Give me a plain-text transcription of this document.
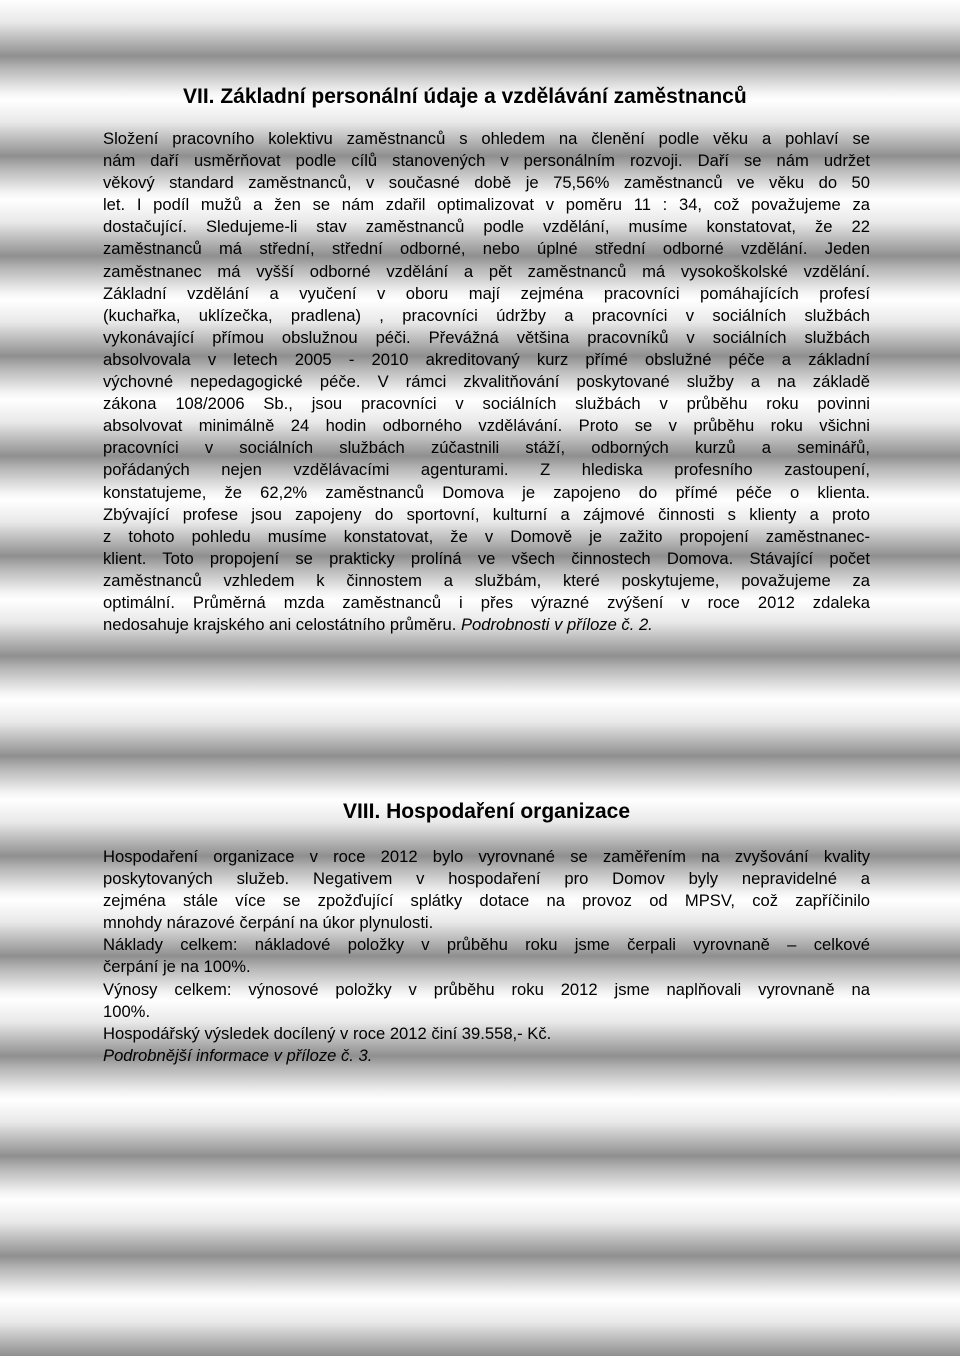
VII. Základní personální údaje a vzdělávání zaměstnanců
Složení pracovního kolektivu zaměstnanců s ohledem na členění podle věku a pohlaví se
nám daří usměrňovat podle cílů stanovených v personálním rozvoji. Daří se nám udržet
věkový standard zaměstnanců, v současné době je 75,56% zaměstnanců ve věku do 50
let. I podíl mužů a žen se nám zdařil optimalizovat v poměru 11 : 34, což považujeme za
dostačující. Sledujeme-li stav zaměstnanců podle vzdělání, musíme konstatovat, že 22
zaměstnanců má střední, střední odborné, nebo úplné střední odborné vzdělání. Jeden
zaměstnanec má vyšší odborné vzdělání a pět zaměstnanců má vysokoškolské vzdělání.
Základní vzdělání a vyučení v oboru mají zejména pracovníci pomáhajících profesí
(kuchařka, uklízečka, pradlena) , pracovníci údržby a pracovníci v sociálních službách
vykonávající přímou obslužnou péči. Převážná většina pracovníků v sociálních službách
absolvovala v letech 2005 - 2010 akreditovaný kurz přímé obslužné péče a základní
výchovné nepedagogické péče. V rámci zkvalitňování poskytované služby a na základě
zákona 108/2006 Sb., jsou pracovníci v sociálních službách v průběhu roku povinni
absolvovat minimálně 24 hodin odborného vzdělávání. Proto se v průběhu roku všichni
pracovníci v sociálních službách zúčastnili stáží, odborných kurzů a seminářů,
pořádaných nejen vzdělávacími agenturami. Z hlediska profesního zastoupení,
konstatujeme, že 62,2% zaměstnanců Domova je zapojeno do přímé péče o klienta.
Zbývající profese jsou zapojeny do sportovní, kulturní a zájmové činnosti s klienty a proto
z tohoto pohledu musíme konstatovat, že v Domově je zažito propojení zaměstnanec-
klient. Toto propojení se prakticky prolíná ve všech činnostech Domova. Stávající počet
zaměstnanců vzhledem k činnostem a službám, které poskytujeme, považujeme za
optimální. Průměrná mzda zaměstnanců i přes výrazné zvýšení v roce 2012 zdaleka
nedosahuje krajského ani celostátního průměru. Podrobnosti v příloze č. 2.
VIII. Hospodaření organizace
Hospodaření organizace v roce 2012 bylo vyrovnané se zaměřením na zvyšování kvality
poskytovaných služeb. Negativem v hospodaření pro Domov byly nepravidelné a
zejména stále více se zpožďující splátky dotace na provoz od MPSV, což zapříčinilo
mnohdy nárazové čerpání na úkor plynulosti.
Náklady celkem: nákladové položky v průběhu roku jsme čerpali vyrovnaně – celkové
čerpání je na 100%.
Výnosy celkem: výnosové položky v průběhu roku 2012 jsme naplňovali vyrovnaně na
100%.
Hospodářský výsledek docílený v roce 2012 činí 39.558,- Kč.
Podrobnější informace v příloze č. 3.
